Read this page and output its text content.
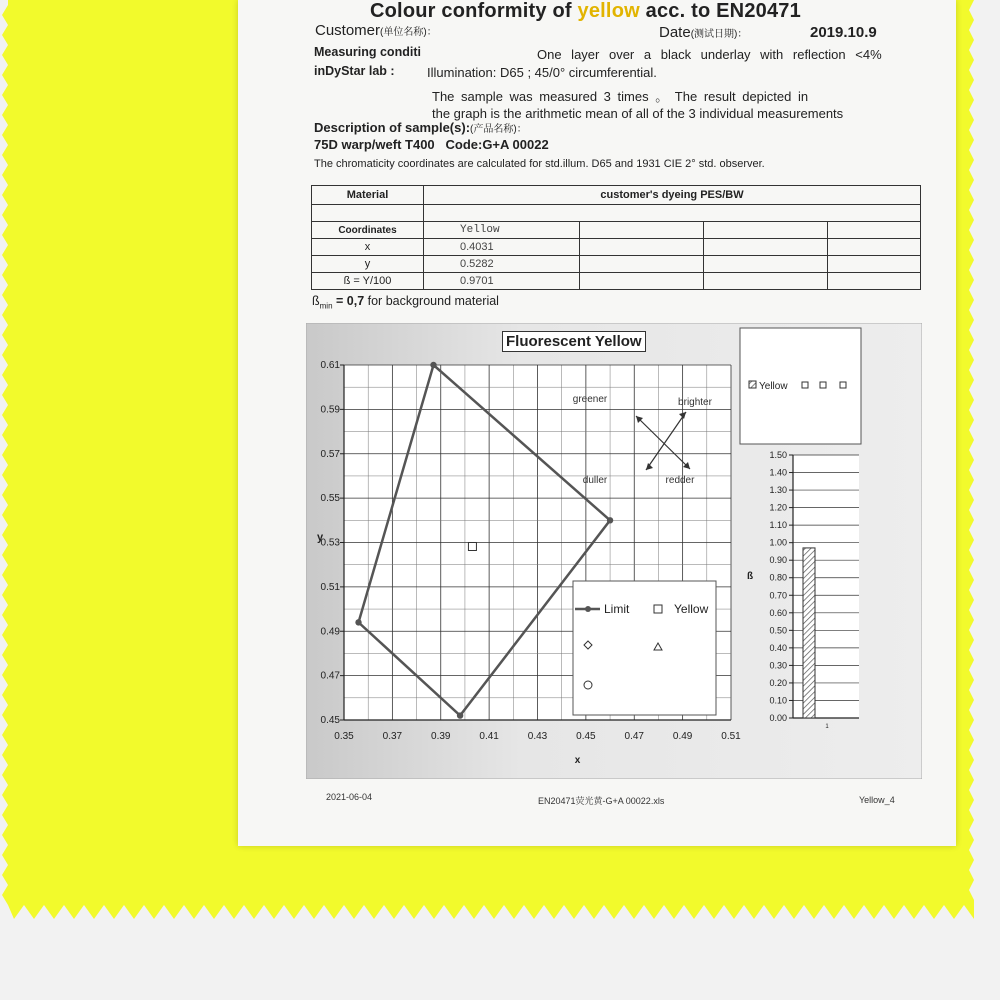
Colour conformity of yellow acc. to EN20471
Customer(单位名称)：	Date(测试日期)：	2019.10.9
Measuring conditi	One layer over a black underlay with reflection <4%
inDyStar lab : Illumination: D65 ; 45/0° circumferential.
The sample was measured 3 times 。 The result depicted in
the graph is the arithmetic mean of all of the 3 individual measurements
Description of sample(s):(产品名称)：
75D warp/weft T400   Code:G+A 00022
The chromaticity coordinates are calculated for std.illum. D65 and 1931 CIE 2° std. observer.
Material	customer's dyeing PES/BW			

Coordinates	Yellow			
x	0.4031			
y	0.5282			
ß = Y/100	0.9701			
$ß_{min} = 0,7$ for background material
0.35	0.37	0.39	0.41	0.43	0.45	0.47	0.49	0.51
0.45
0.47
0.49
0.51
0.53
0.55
0.57
0.59
0.61
x
y
greener	brighter
duller	redder
Limit	Yellow
Yellow
0.00
0.10
0.20
0.30
0.40
0.50
0.60
0.70
0.80
0.90
1.00
1.10
1.20
1.30
1.40
1.50
ß
1
Fluorescent Yellow
2021-06-04	EN20471荧光黄-G+A 00022.xls	Yellow_4
